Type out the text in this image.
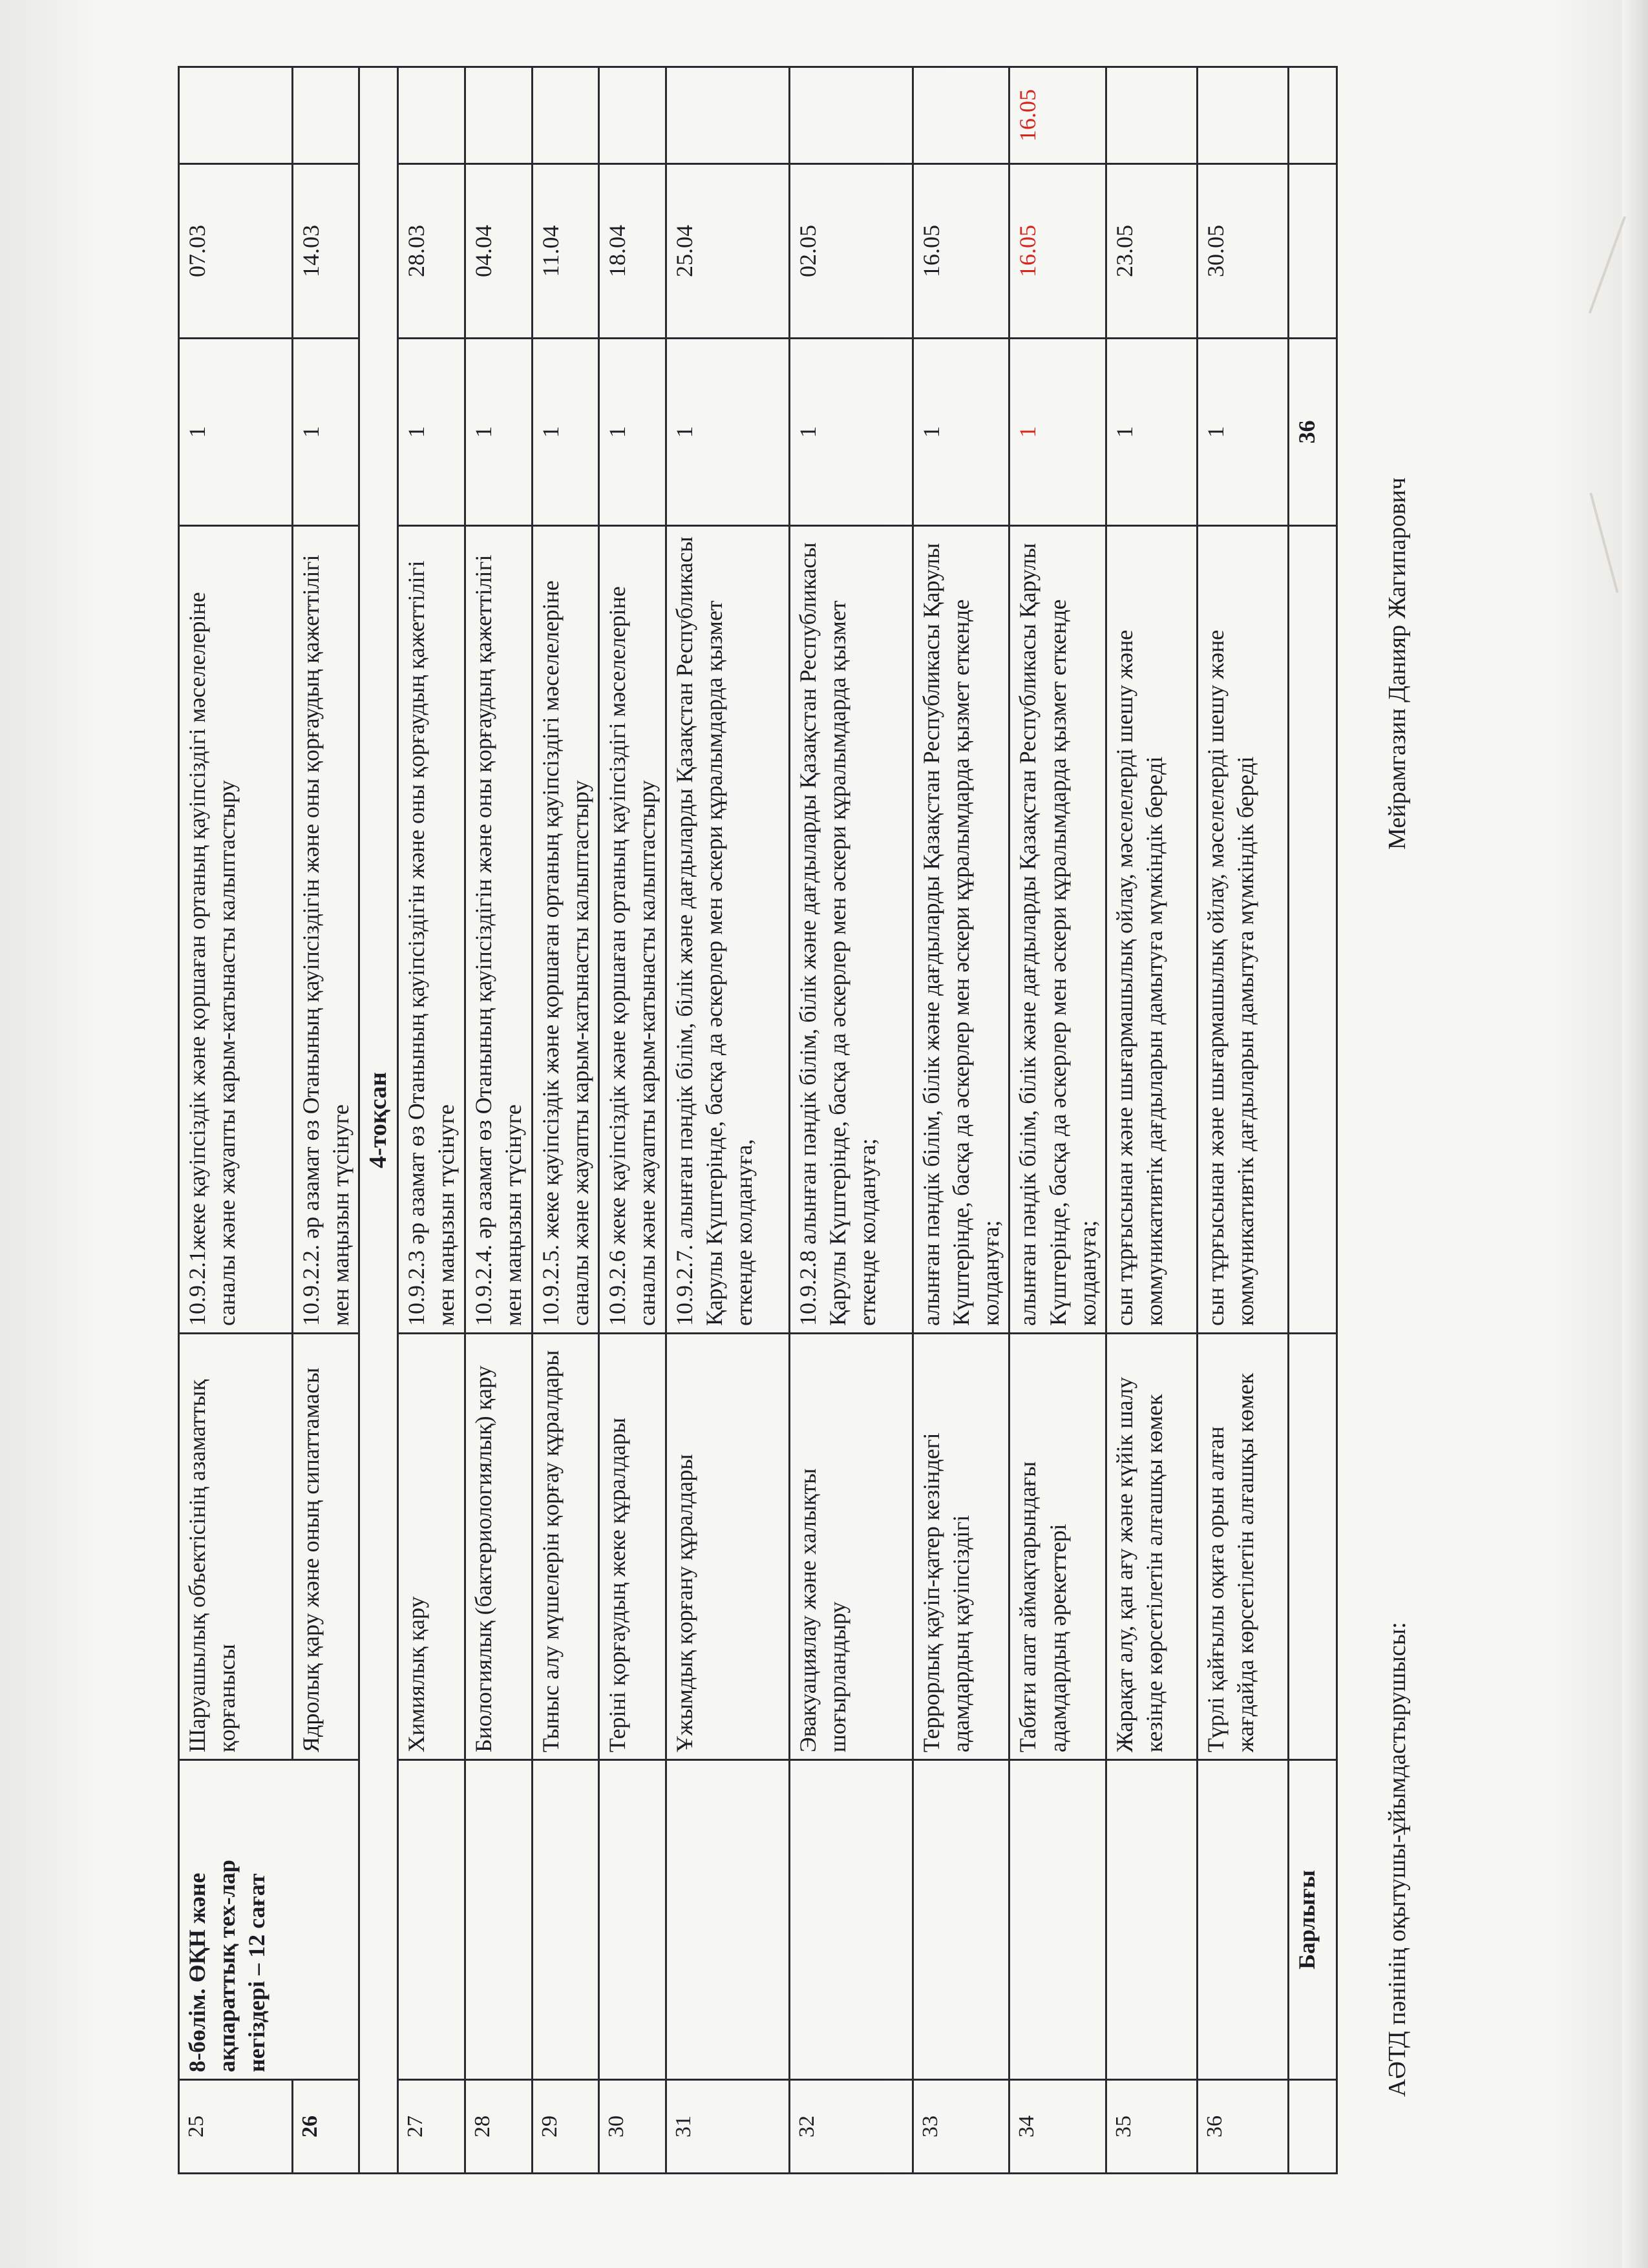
25	8-бөлім. ӨҚН және ақпараттық тех-лар негіздері – 12 сағат	Шаруашылық объектісінің азаматтық қорғанысы	10.9.2.1жеке қауіпсіздік және қоршаған ортаның қауіпсіздігі мәселелеріне саналы және жауапты карым-катынасты калыптастыру	1	07.03	
26		Ядролық қару және оның сипаттамасы	10.9.2.2. әр азамат өз Отанының қауіпсіздігін және оны қорғаудың қажеттілігі мен маңызын түсінуге	1	14.03	
4-тоқсан						
27		Химиялық қару	10.9.2.3 әр азамат өз Отанының қауіпсіздігін және оны қорғаудың қажеттілігі мен маңызын түсінуге	1	28.03	
28		Биологиялық (бактериологиялық) қару	10.9.2.4. әр азамат өз Отанының қауіпсіздігін және оны қорғаудың қажеттілігі мен маңызын түсінуге	1	04.04	
29		Тыныс алу мүшелерін қорғау құралдары	10.9.2.5. жеке қауіпсіздік және қоршаған ортаның қауіпсіздігі мәселелеріне саналы және жауапты карым-катынасты калыптастыру	1	11.04	
30		Теріні қорғаудың жеке құралдары	10.9.2.6 жеке қауіпсіздік және қоршаған ортаның қауіпсіздігі мәселелеріне саналы және жауапты карым-катынасты калыптастыру	1	18.04	
31		Ұжымдық қорғану құралдары	10.9.2.7. алынған пәндік білім, білік және дағдыларды Қазақстан Республикасы Қарулы Күштерінде, басқа да әскерлер мен әскери құралымдарда қызмет еткенде колдануға,	1	25.04	
32		Эвакуациялау және халықты шоғырландыру	10.9.2.8 алынған пәндік білім, білік және дағдыларды Қазақстан Республикасы Қарулы Күштерінде, басқа да әскерлер мен әскери құралымдарда қызмет еткенде колдануға;	1	02.05	
33		Террорлық қауіп-қатер кезіндегі адамдардың қауіпсіздігі	алынған пәндік білім, білік және дағдыларды Қазақстан Республикасы Қарулы Күштерінде, басқа да әскерлер мен әскери құралымдарда қызмет еткенде колдануға;	1	16.05	
34		Табиғи апат аймақтарындағы адамдардың әрекеттері	алынған пәндік білім, білік және дағдыларды Қазақстан Республикасы Қарулы Күштерінде, басқа да әскерлер мен әскери құралымдарда қызмет еткенде колдануға;	1	16.05	16.05
35		Жарақат алу, қан ағу және күйік шалу кезінде көрсетілетін алғашқы көмек	сын тұрғысынан және шығармашылық ойлау, мәселелерді шешу және коммуникативтік дағдыларын дамытуға мүмкіндік береді	1	23.05	
36		Түрлі қайғылы оқиға орын алған жағдайда көрсетілетін алғашқы көмек	сын тұрғысынан және шығармашылық ойлау, мәселелерді шешу және коммуникативтік дағдыларын дамытуға мүмкіндік береді	1	30.05	
	Барлығы			36		
АӘТД пәнінің оқытушы-ұйымдастырушысы:
Мейрамгазин Данияр Жагипарович
